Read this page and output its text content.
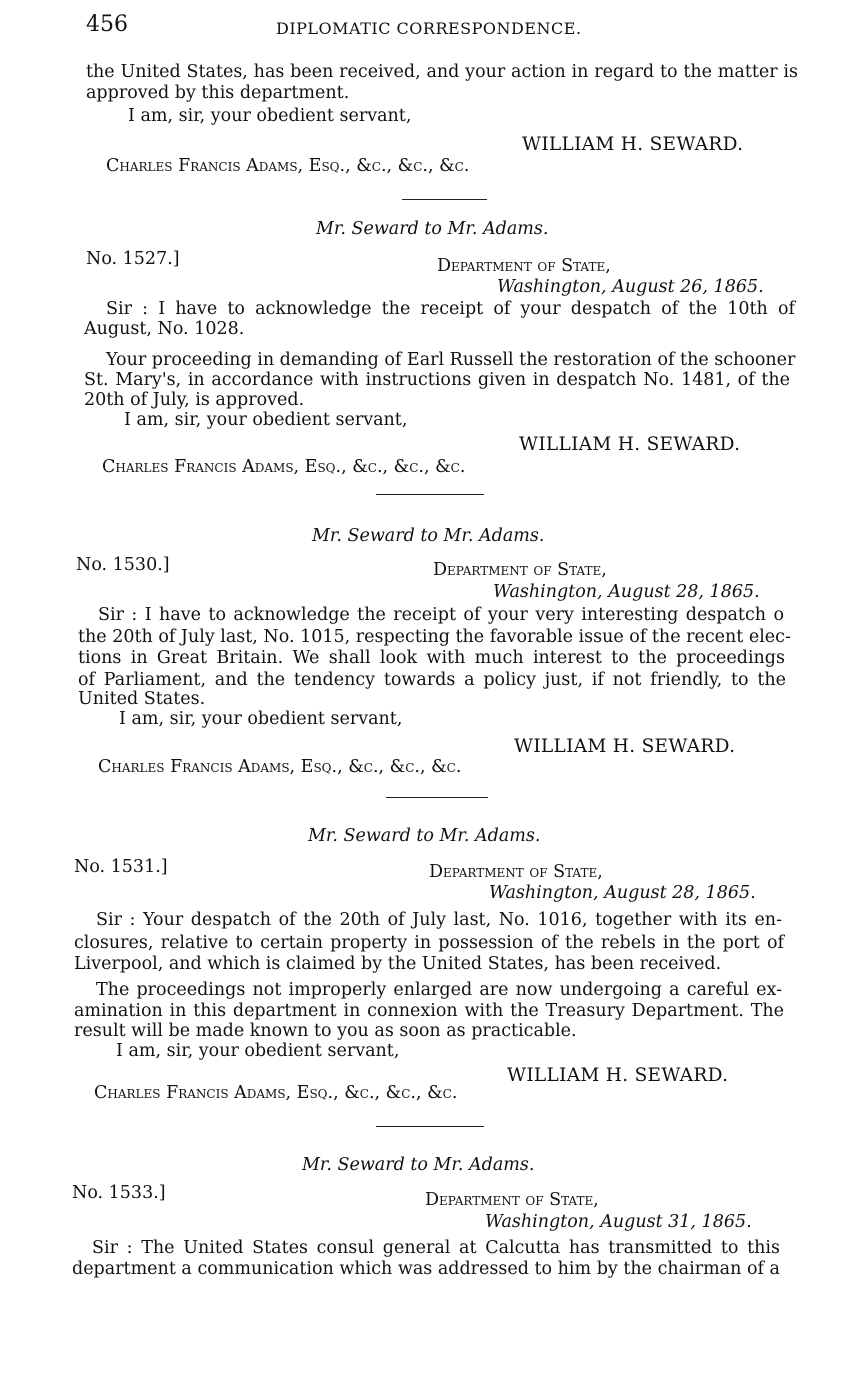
456	DIPLOMATIC CORRESPONDENCE.
the United States, has been received, and your action in regard to the matter is
approved by this department.
I am, sir, your obedient servant,
WILLIAM H. SEWARD.
Charles Francis Adams, Esq., &c., &c., &c.
Mr. Seward to Mr. Adams.
No. 1527.]	Department of State,
Washington, August 26, 1865.
Sir : I have to acknowledge the receipt of your despatch of the 10th of
August, No. 1028.
Your proceeding in demanding of Earl Russell the restoration of the schooner
St. Mary's, in accordance with instructions given in despatch No. 1481, of the
20th of July, is approved.
I am, sir, your obedient servant,
WILLIAM H. SEWARD.
Charles Francis Adams, Esq., &c., &c., &c.
Mr. Seward to Mr. Adams.
No. 1530.]	Department of State,
Washington, August 28, 1865.
Sir : I have to acknowledge the receipt of your very interesting despatch o
the 20th of July last, No. 1015, respecting the favorable issue of the recent elec-
tions in Great Britain. We shall look with much interest to the proceedings
of Parliament, and the tendency towards a policy just, if not friendly, to the
United States.
I am, sir, your obedient servant,
WILLIAM H. SEWARD.
Charles Francis Adams, Esq., &c., &c., &c.
Mr. Seward to Mr. Adams.
No. 1531.]	Department of State,
Washington, August 28, 1865.
Sir : Your despatch of the 20th of July last, No. 1016, together with its en-
closures, relative to certain property in possession of the rebels in the port of
Liverpool, and which is claimed by the United States, has been received.
The proceedings not improperly enlarged are now undergoing a careful ex-
amination in this department in connexion with the Treasury Department. The
result will be made known to you as soon as practicable.
I am, sir, your obedient servant,
WILLIAM H. SEWARD.
Charles Francis Adams, Esq., &c., &c., &c.
Mr. Seward to Mr. Adams.
No. 1533.]	Department of State,
Washington, August 31, 1865.
Sir : The United States consul general at Calcutta has transmitted to this
department a communication which was addressed to him by the chairman of a
